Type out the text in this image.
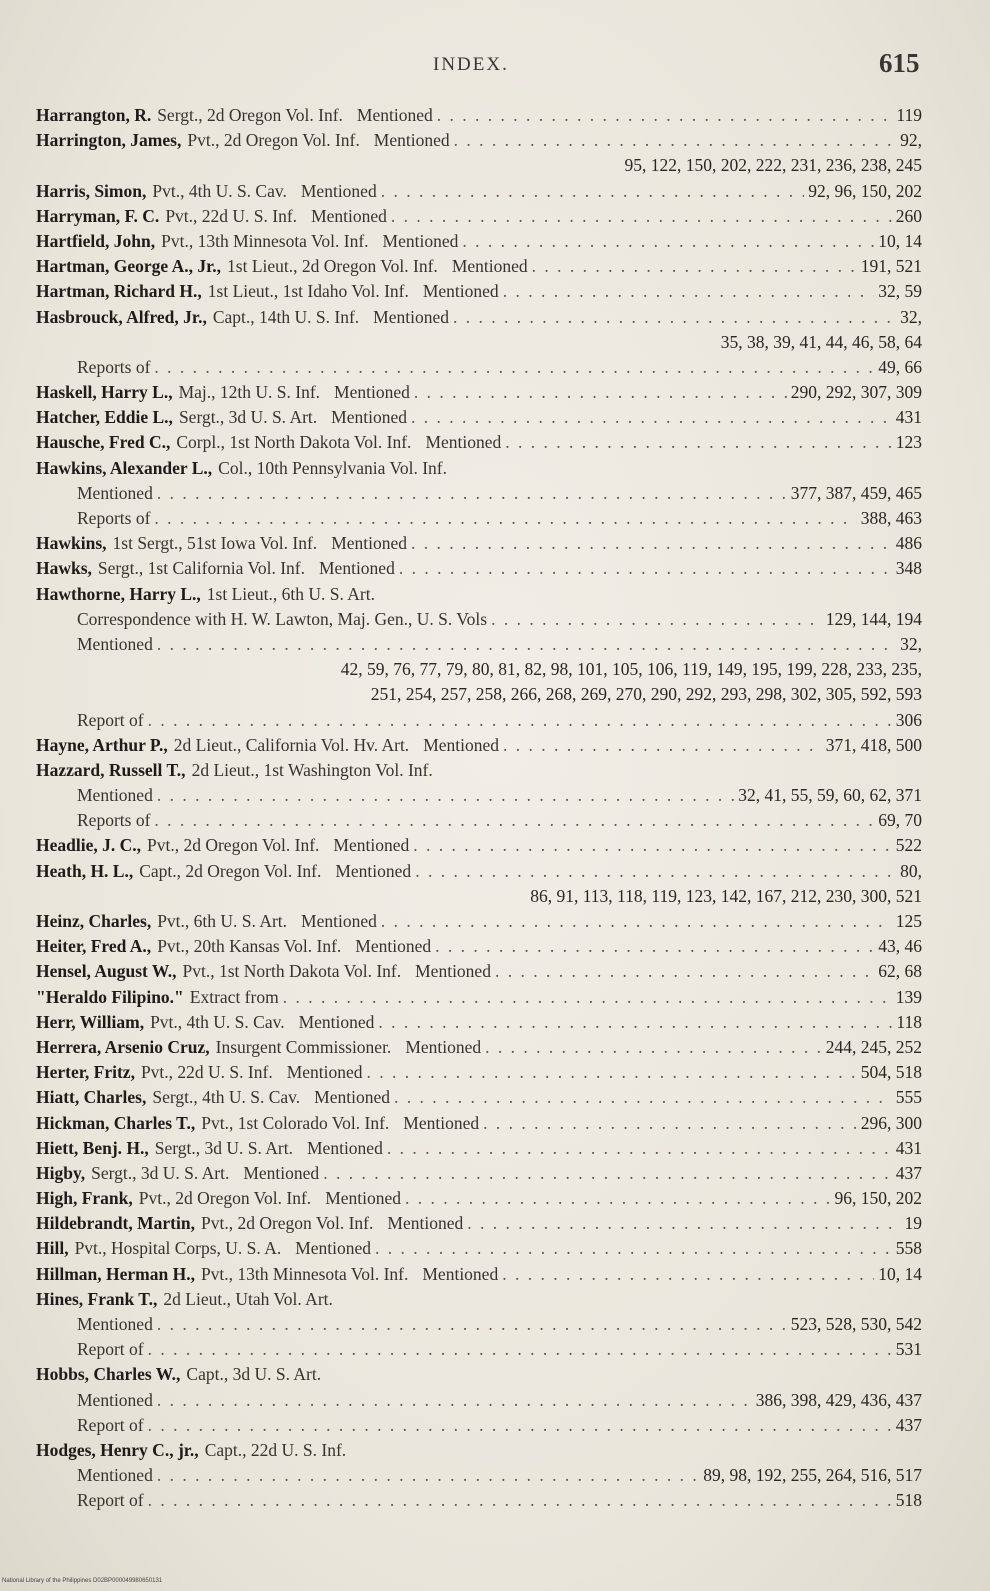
INDEX.	615
Harrangton, R. Sergt., 2d Oregon Vol. Inf. Mentioned . . .	119
Harrington, James, Pvt., 2d Oregon Vol. Inf. Mentioned . . .	92,
95, 122, 150, 202, 222, 231, 236, 238, 245
Harris, Simon, Pvt., 4th U. S. Cav. Mentioned . . .	92, 96, 150, 202
Harryman, F. C. Pvt., 22d U. S. Inf. Mentioned . . .	260
Hartfield, John, Pvt., 13th Minnesota Vol. Inf. Mentioned . . .	10, 14
Hartman, George A., Jr., 1st Lieut., 2d Oregon Vol. Inf. Mentioned . . .	191, 521
Hartman, Richard H., 1st Lieut., 1st Idaho Vol. Inf. Mentioned . . .	32, 59
Hasbrouck, Alfred, Jr., Capt., 14th U. S. Inf. Mentioned . . .	32,
35, 38, 39, 41, 44, 46, 58, 64
Reports of . . .	49, 66
Haskell, Harry L., Maj., 12th U. S. Inf. Mentioned . . .	290, 292, 307, 309
Hatcher, Eddie L., Sergt., 3d U. S. Art. Mentioned . . .	431
Hausche, Fred C., Corpl., 1st North Dakota Vol. Inf. Mentioned . . .	123
Hawkins, Alexander L., Col., 10th Pennsylvania Vol. Inf.
Mentioned . . .	377, 387, 459, 465
Reports of . . .	388, 463
Hawkins, 1st Sergt., 51st Iowa Vol. Inf. Mentioned . . .	486
Hawks, Sergt., 1st California Vol. Inf. Mentioned . . .	348
Hawthorne, Harry L., 1st Lieut., 6th U. S. Art.
Correspondence with H. W. Lawton, Maj. Gen., U. S. Vols . . .	129, 144, 194
Mentioned . . .	32,
42, 59, 76, 77, 79, 80, 81, 82, 98, 101, 105, 106, 119, 149, 195, 199, 228, 233, 235,
251, 254, 257, 258, 266, 268, 269, 270, 290, 292, 293, 298, 302, 305, 592, 593
Report of . . .	306
Hayne, Arthur P., 2d Lieut., California Vol. Hv. Art. Mentioned . . .	371, 418, 500
Hazzard, Russell T., 2d Lieut., 1st Washington Vol. Inf.
Mentioned . . .	32, 41, 55, 59, 60, 62, 371
Reports of . . .	69, 70
Headlie, J. C., Pvt., 2d Oregon Vol. Inf. Mentioned . . .	522
Heath, H. L., Capt., 2d Oregon Vol. Inf. Mentioned . . .	80,
86, 91, 113, 118, 119, 123, 142, 167, 212, 230, 300, 521
Heinz, Charles, Pvt., 6th U. S. Art. Mentioned . . .	125
Heiter, Fred A., Pvt., 20th Kansas Vol. Inf. Mentioned . . .	43, 46
Hensel, August W., Pvt., 1st North Dakota Vol. Inf. Mentioned . . .	62, 68
"Heraldo Filipino." Extract from . . .	139
Herr, William, Pvt., 4th U. S. Cav. Mentioned . . .	118
Herrera, Arsenio Cruz, Insurgent Commissioner. Mentioned . . .	244, 245, 252
Herter, Fritz, Pvt., 22d U. S. Inf. Mentioned . . .	504, 518
Hiatt, Charles, Sergt., 4th U. S. Cav. Mentioned . . .	555
Hickman, Charles T., Pvt., 1st Colorado Vol. Inf. Mentioned . . .	296, 300
Hiett, Benj. H., Sergt., 3d U. S. Art. Mentioned . . .	431
Higby, Sergt., 3d U. S. Art. Mentioned . . .	437
High, Frank, Pvt., 2d Oregon Vol. Inf. Mentioned . . .	96, 150, 202
Hildebrandt, Martin, Pvt., 2d Oregon Vol. Inf. Mentioned . . .	19
Hill, Pvt., Hospital Corps, U. S. A. Mentioned . . .	558
Hillman, Herman H., Pvt., 13th Minnesota Vol. Inf. Mentioned . . .	10, 14
Hines, Frank T., 2d Lieut., Utah Vol. Art.
Mentioned . . .	523, 528, 530, 542
Report of . . .	531
Hobbs, Charles W., Capt., 3d U. S. Art.
Mentioned . . .	386, 398, 429, 436, 437
Report of . . .	437
Hodges, Henry C., jr., Capt., 22d U. S. Inf.
Mentioned . . .	89, 98, 192, 255, 264, 516, 517
Report of . . .	518
National Library of the Philippines D02BP000049980650131
